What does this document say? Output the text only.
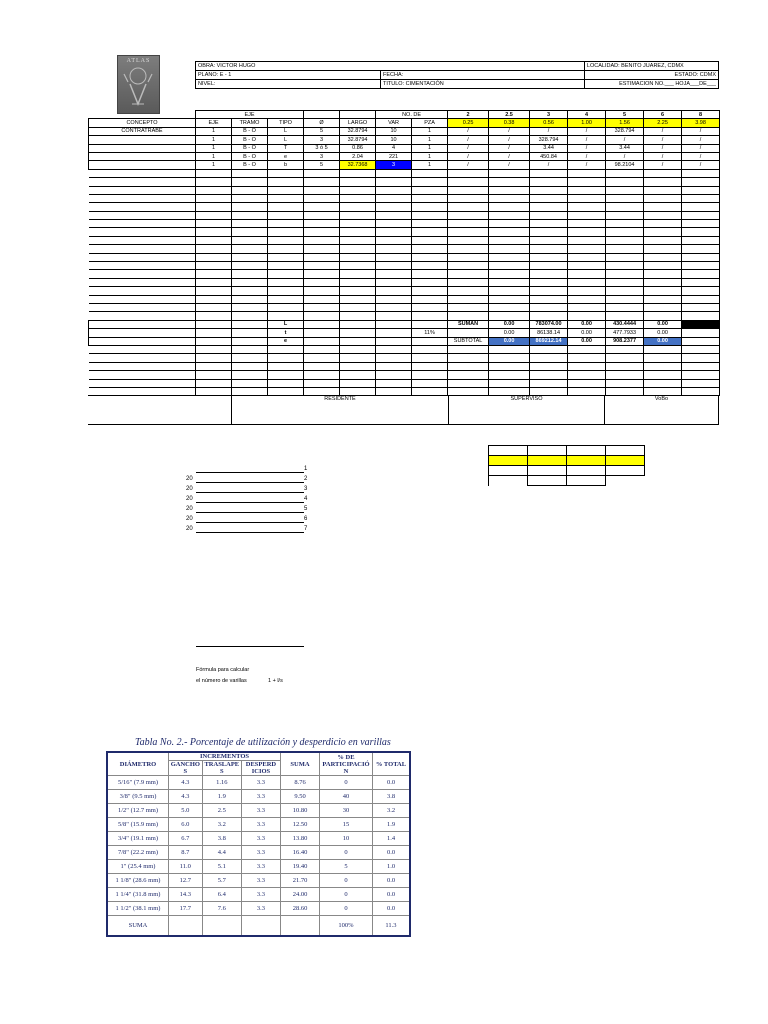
ATLAS
OBRA: VICTOR HUGO		LOCALIDAD: BENITO JUAREZ, CDMX
PLANO: E - 1	FECHA:	ESTADO: CDMX
NIVEL:	TITULO: CIMENTACIÓN	ESTIMACION NO.___ HOJA___DE___
	EJE					NO. DE		2	2.5	3	4	5	6	8
CONCEPTO	EJE	TRAMO	TIPO	Ø	LARGO	VAR	PZA	0.25	0.38	0.56	1.00	1.56	2.25	3.98
CONTRATRABE	1	B - O	L	5	32.8794	10	1	/	/	/	/	328.794	/	/
	1	B - O	L	3	32.8794	10	1	/	/	328.794	/	/	/	/
	1	B - O	T	3 ó 5	0.86	4	1	/	/	3.44	/	3.44	/	/
	1	B - O	e	3	2.04	221	1	/	/	450.84	/	/	/	/
	1	B - O	b	5	32.7368	3	1	/	/	/	/	98.2104	/	/

			L					SUMAN	0.00	783074.00	0.00	430.4444	0.00	
			t				11%		0.00	86138.14	0.00	477.7933	0.00	
			e					SUBTOTAL	0.00	869212.14	0.00	908.2377	0.00	

	RESIDENTE	SUPERVISO	VoBo

1
20	2
20	3
20	4
20	5
20	6
20	7
Fórmula para calcular
el número de varillas	1 + l/s
Tabla No. 2.- Porcentaje de utilización y desperdicio en varillas
DIÁMETRO	INCREMENTOS			SUMA	% DE PARTICIPACIÓ N	% TOTAL
	GANCHO S	TRASLAPE S	DESPERD ICIOS			
5/16" (7.9 mm)	4.3	1.16	3.3	8.76	0	0.0
3/8" (9.5 mm)	4.3	1.9	3.3	9.50	40	3.8
1/2" (12.7 mm)	5.0	2.5	3.3	10.80	30	3.2
5/8" (15.9 mm)	6.0	3.2	3.3	12.50	15	1.9
3/4" (19.1 mm)	6.7	3.8	3.3	13.80	10	1.4
7/8" (22.2 mm)	8.7	4.4	3.3	16.40	0	0.0
1" (25.4 mm)	11.0	5.1	3.3	19.40	5	1.0
1 1/8" (28.6 mm)	12.7	5.7	3.3	21.70	0	0.0
1 1/4" (31.8 mm)	14.3	6.4	3.3	24.00	0	0.0
1 1/2" (38.1 mm)	17.7	7.6	3.3	28.60	0	0.0
SUMA					100%	11.3
